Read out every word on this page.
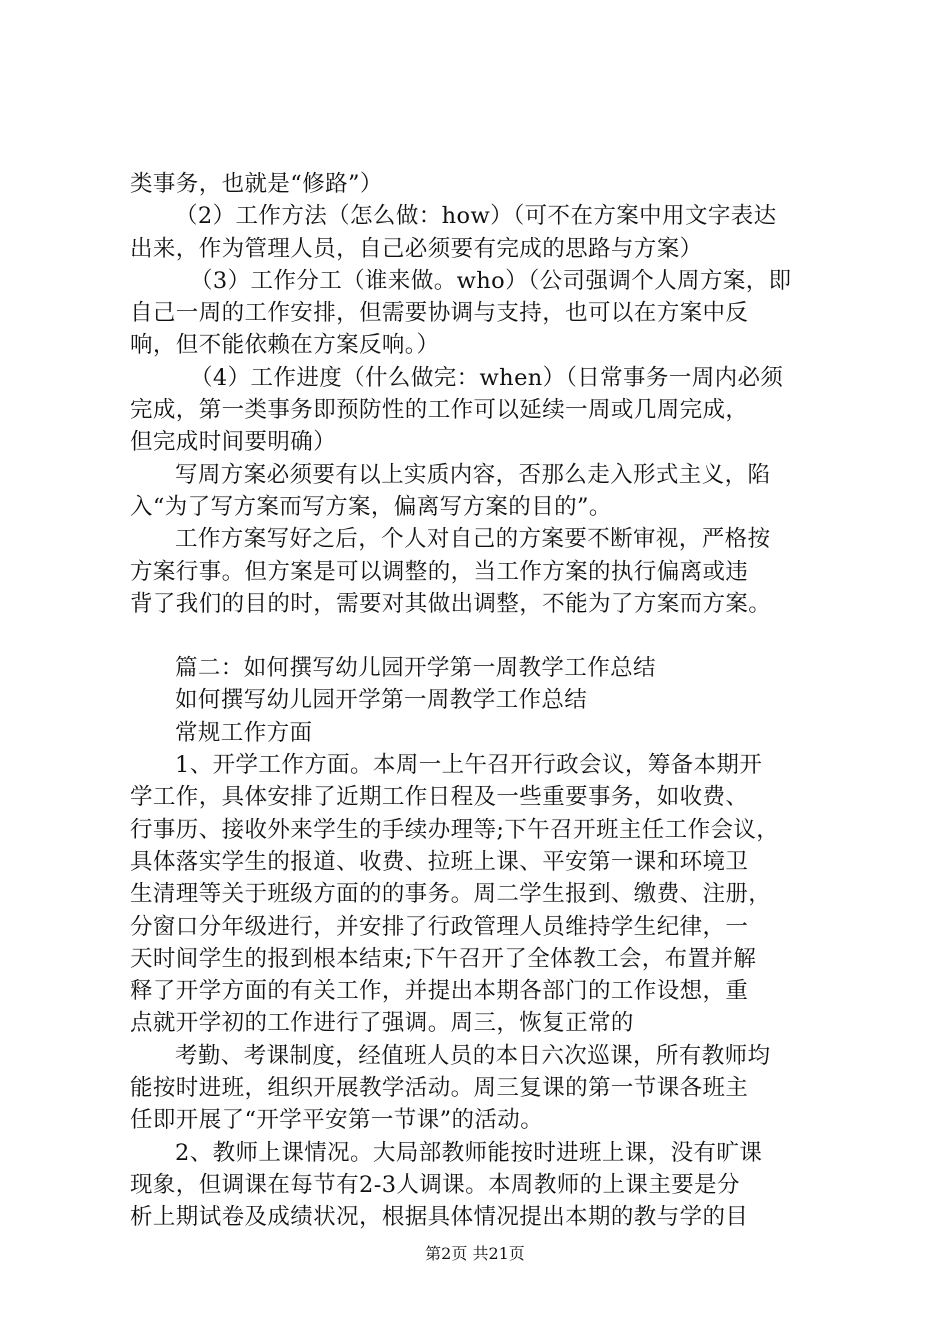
类事务，也就是“修路”）
（2）工作方法（怎么做：how）（可不在方案中用文字表达
出来，作为管理人员，自己必须要有完成的思路与方案）
（3）工作分工（谁来做。who）（公司强调个人周方案，即
自己一周的工作安排，但需要协调与支持，也可以在方案中反
响，但不能依赖在方案反响。）
（4）工作进度（什么做完：when）（日常事务一周内必须
完成，第一类事务即预防性的工作可以延续一周或几周完成，
但完成时间要明确）
写周方案必须要有以上实质内容，否那么走入形式主义，陷
入“为了写方案而写方案，偏离写方案的目的”。
工作方案写好之后，个人对自己的方案要不断审视，严格按
方案行事。但方案是可以调整的，当工作方案的执行偏离或违
背了我们的目的时，需要对其做出调整，不能为了方案而方案。
篇二：如何撰写幼儿园开学第一周教学工作总结
如何撰写幼儿园开学第一周教学工作总结
常规工作方面
1、开学工作方面。本周一上午召开行政会议，筹备本期开
学工作，具体安排了近期工作日程及一些重要事务，如收费、
行事历、接收外来学生的手续办理等;下午召开班主任工作会议，
具体落实学生的报道、收费、拉班上课、平安第一课和环境卫
生清理等关于班级方面的的事务。周二学生报到、缴费、注册，
分窗口分年级进行，并安排了行政管理人员维持学生纪律，一
天时间学生的报到根本结束;下午召开了全体教工会，布置并解
释了开学方面的有关工作，并提出本期各部门的工作设想，重
点就开学初的工作进行了强调。周三，恢复正常的
考勤、考课制度，经值班人员的本日六次巡课，所有教师均
能按时进班，组织开展教学活动。周三复课的第一节课各班主
任即开展了“开学平安第一节课”的活动。
2、教师上课情况。大局部教师能按时进班上课，没有旷课
现象，但调课在每节有2-3人调课。本周教师的上课主要是分
析上期试卷及成绩状况，根据具体情况提出本期的教与学的目
第2页 共21页
